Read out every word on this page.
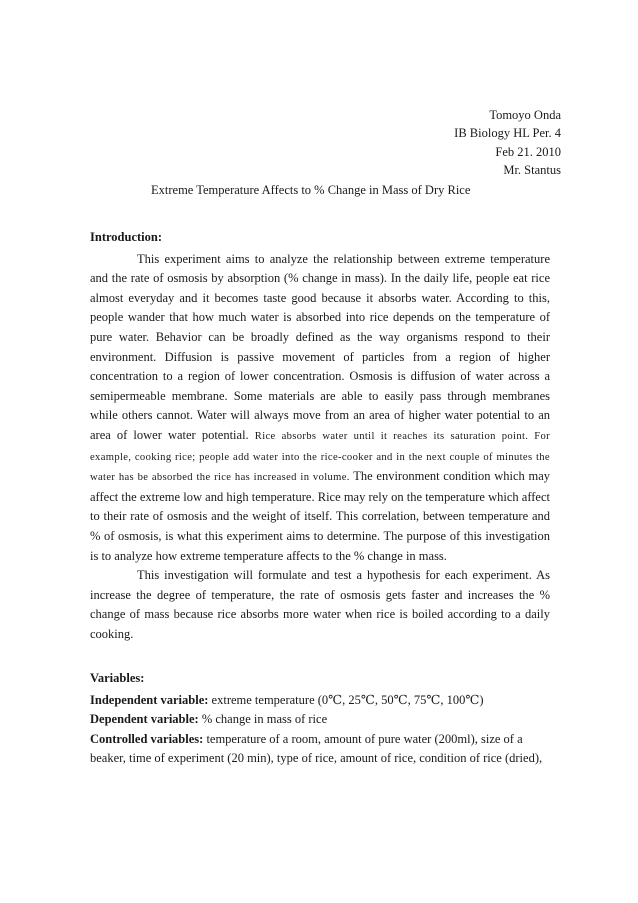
Tomoyo Onda
IB Biology HL Per. 4
Feb 21. 2010
Mr. Stantus
Extreme Temperature Affects to % Change in Mass of Dry Rice
Introduction:

This experiment aims to analyze the relationship between extreme temperature and the rate of osmosis by absorption (% change in mass). In the daily life, people eat rice almost everyday and it becomes taste good because it absorbs water. According to this, people wander that how much water is absorbed into rice depends on the temperature of pure water. Behavior can be broadly defined as the way organisms respond to their environment. Diffusion is passive movement of particles from a region of higher concentration to a region of lower concentration. Osmosis is diffusion of water across a semipermeable membrane. Some materials are able to easily pass through membranes while others cannot. Water will always move from an area of higher water potential to an area of lower water potential. Rice absorbs water until it reaches its saturation point. For example, cooking rice; people add water into the rice-cooker and in the next couple of minutes the water has be absorbed the rice has increased in volume. The environment condition which may affect the extreme low and high temperature. Rice may rely on the temperature which affect to their rate of osmosis and the weight of itself. This correlation, between temperature and % of osmosis, is what this experiment aims to determine. The purpose of this investigation is to analyze how extreme temperature affects to the % change in mass.

This investigation will formulate and test a hypothesis for each experiment. As increase the degree of temperature, the rate of osmosis gets faster and increases the % change of mass because rice absorbs more water when rice is boiled according to a daily cooking.

Variables:

Independent variable: extreme temperature (0℃, 25℃, 50℃, 75℃, 100℃)

Dependent variable: % change in mass of rice

Controlled variables: temperature of a room, amount of pure water (200ml), size of a beaker, time of experiment (20 min), type of rice, amount of rice, condition of rice (dried),
